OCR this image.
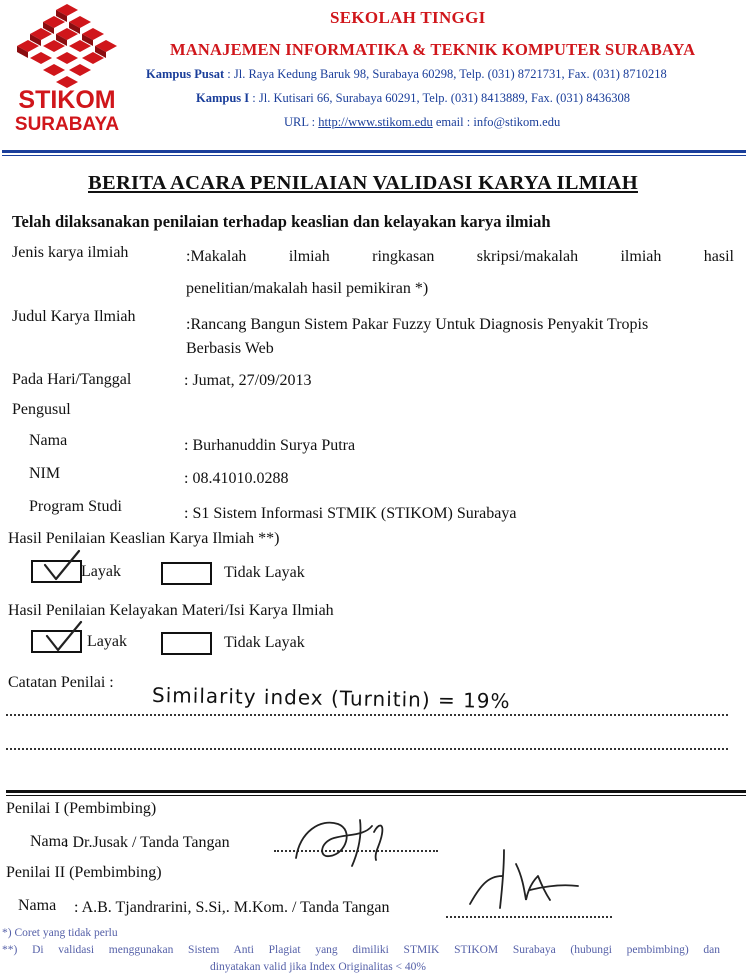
STIKOM
SURABAYA
SEKOLAH TINGGI
MANAJEMEN INFORMATIKA & TEKNIK KOMPUTER SURABAYA
Kampus Pusat : Jl. Raya Kedung Baruk 98, Surabaya 60298, Telp. (031) 8721731, Fax. (031) 8710218
Kampus I : Jl. Kutisari 66, Surabaya 60291, Telp. (031) 8413889, Fax. (031) 8436308
URL : http://www.stikom.edu email : info@stikom.edu
BERITA ACARA PENILAIAN VALIDASI KARYA ILMIAH
Telah dilaksanakan penilaian terhadap keaslian dan kelayakan karya ilmiah
Jenis karya ilmiah	:Makalah ilmiah ringkasan skripsi/makalah ilmiah hasil
penelitian/makalah hasil pemikiran *)
Judul Karya Ilmiah	:Rancang Bangun Sistem Pakar Fuzzy Untuk Diagnosis Penyakit Tropis
Berbasis Web
Pada Hari/Tanggal	: Jumat, 27/09/2013
Pengusul
Nama	: Burhanuddin Surya Putra
NIM	: 08.41010.0288
Program Studi	: S1 Sistem Informasi STMIK (STIKOM) Surabaya
Hasil Penilaian Keaslian Karya Ilmiah **)
Layak	Tidak Layak
Hasil Penilaian Kelayakan Materi/Isi Karya Ilmiah
Layak	Tidak Layak
Catatan Penilai :
Similarity index (Turnitin) = 19%
Penilai I (Pembimbing)
Nama
: Dr.Jusak / Tanda Tangan
Penilai II (Pembimbing)
Nama : A.B. Tjandrarini, S.Si,. M.Kom. / Tanda Tangan
*) Coret yang tidak perlu
**) Di validasi menggunakan Sistem Anti Plagiat yang dimiliki STMIK STIKOM Surabaya (hubungi pembimbing) dan
dinyatakan valid jika Index Originalitas < 40%
